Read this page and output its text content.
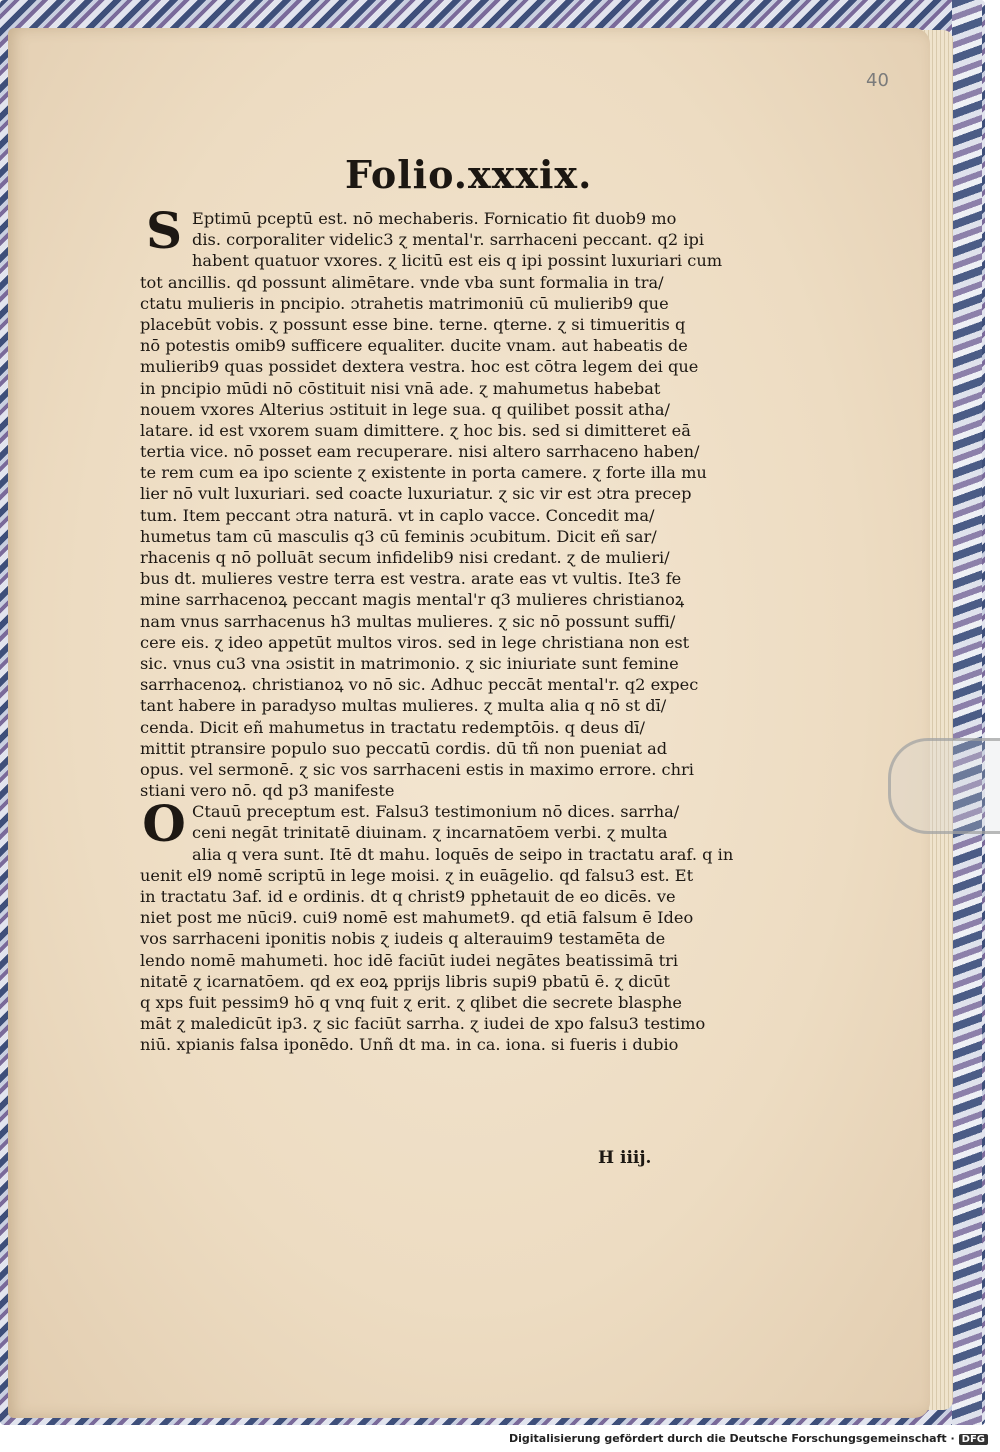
40
Folio.xxxix.
S Eptimū pceptū est. nō mechaberis. Fornicatio fit duob9 mo
dis. corporaliter videlic3 ɀ mental'r. sarrhaceni peccant. q2 ipi
habent quatuor vxores. ɀ licitū est eis q ipi possint luxuriari cum
tot ancillis. qd possunt alimētare. vnde vba sunt formalia in tra/
ctatu mulieris in pncipio. ɔtrahetis matrimoniū cū mulierib9 que
placebūt vobis. ɀ possunt esse bine. terne. qterne. ɀ si timueritis q
nō potestis omib9 sufficere equaliter. ducite vnam. aut habeatis de
mulierib9 quas possidet dextera vestra. hoc est cōtra legem dei que
in pncipio mūdi nō cōstituit nisi vnā ade. ɀ mahumetus habebat
nouem vxores Alterius ɔstituit in lege sua. q quilibet possit atha/
latare. id est vxorem suam dimittere. ɀ hoc bis. sed si dimitteret eā
tertia vice. nō posset eam recuperare. nisi altero sarrhaceno haben/
te rem cum ea ipo sciente ɀ existente in porta camere. ɀ forte illa mu
lier nō vult luxuriari. sed coacte luxuriatur. ɀ sic vir est ɔtra precep
tum. Item peccant ɔtra naturā. vt in caplo vacce. Concedit ma/
humetus tam cū masculis q3 cū feminis ɔcubitum. Dicit eñ sar/
rhacenis q nō polluāt secum infidelib9 nisi credant. ɀ de mulieri/
bus dt. mulieres vestre terra est vestra. arate eas vt vultis. Ite3 fe
mine sarrhacenoꝝ peccant magis mental'r q3 mulieres christianoꝝ
nam vnus sarrhacenus h3 multas mulieres. ɀ sic nō possunt suffi/
cere eis. ɀ ideo appetūt multos viros. sed in lege christiana non est
sic. vnus cu3 vna ɔsistit in matrimonio. ɀ sic iniuriate sunt femine
sarrhacenoꝝ. christianoꝝ vo nō sic. Adhuc peccāt mental'r. q2 expec
tant habere in paradyso multas mulieres. ɀ multa alia q nō st dī/
cenda. Dicit eñ mahumetus in tractatu redemptōis. q deus dī/
mittit ptransire populo suo peccatū cordis. dū tñ non pueniat ad
opus. vel sermonē. ɀ sic vos sarrhaceni estis in maximo errore. chri
stiani vero nō. qd p3 manifeste
O Ctauū preceptum est. Falsu3 testimonium nō dices. sarrha/
ceni negāt trinitatē diuinam. ɀ incarnatōem verbi. ɀ multa
alia q vera sunt. Itē dt mahu. loquēs de seipo in tractatu araf. q in
uenit el9 nomē scriptū in lege moisi. ɀ in euāgelio. qd falsu3 est. Et
in tractatu 3af. id e ordinis. dt q christ9 pphetauit de eo dicēs. ve
niet post me nūci9. cui9 nomē est mahumet9. qd etiā falsum ē Ideo
vos sarrhaceni iponitis nobis ɀ iudeis q alterauim9 testamēta de
lendo nomē mahumeti. hoc idē faciūt iudei negātes beatissimā tri
nitatē ɀ icarnatōem. qd ex eoꝝ pprijs libris supi9 pbatū ē. ɀ dicūt
q xps fuit pessim9 hō q vnq fuit ɀ erit. ɀ qlibet die secrete blasphe
māt ɀ maledicūt ip3. ɀ sic faciūt sarrha. ɀ iudei de xpo falsu3 testimo
niū. xpianis falsa iponēdo. Unñ dt ma. in ca. iona. si fueris i dubio
H iiij.
Digitalisierung gefördert durch die Deutsche Forschungsgemeinschaft · DFG
